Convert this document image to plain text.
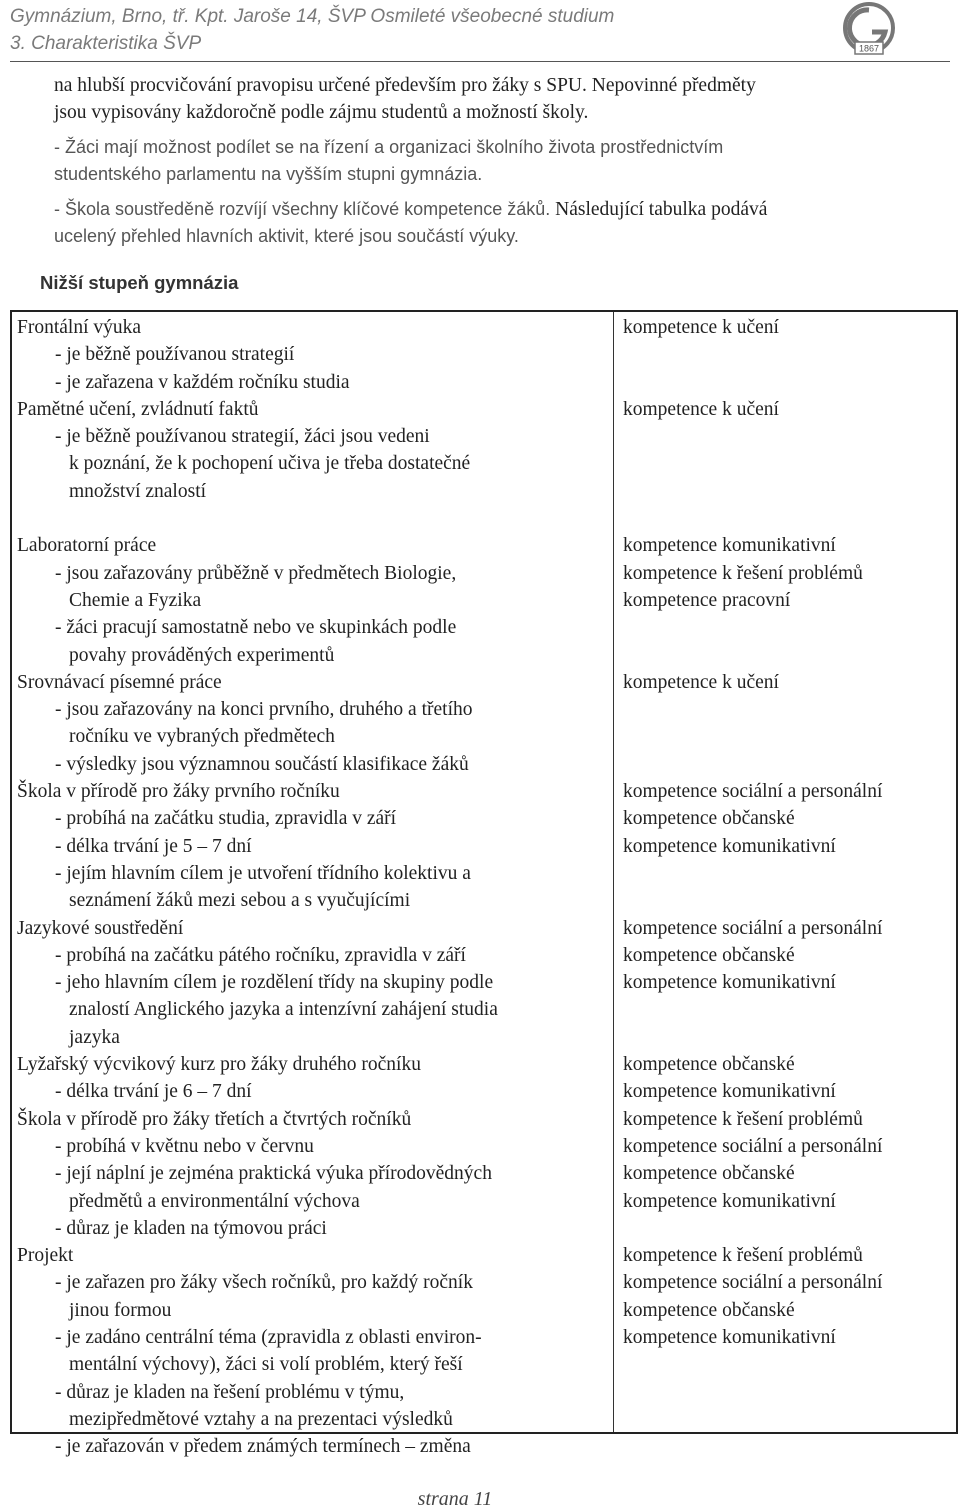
Gymnázium, Brno, tř. Kpt. Jaroše 14, ŠVP Osmileté všeobecné studium
3. Charakteristika ŠVP	1867

na hlubší procvičování pravopisu určené především pro žáky s SPU. Nepovinné předměty

jsou vypisovány každoročně podle zájmu studentů a možností školy.

- Žáci mají možnost podílet se na řízení a organizaci školního života prostřednictvím

studentského parlamentu na vyšším stupni gymnázia.

- Škola soustředěně rozvíjí všechny klíčové kompetence žáků. Následující tabulka podává

ucelený přehled hlavních aktivit, které jsou součástí výuky.

Nižší stupeň gymnázia
Frontální výuka
- je běžně používanou strategií
- je zařazena v každém ročníku studia
kompetence k učení
Pamětné učení, zvládnutí faktů
- je běžně používanou strategií, žáci jsou vedeni
k poznání, že k pochopení učiva je třeba dostatečné
množství znalostí
kompetence k učení
Laboratorní práce
- jsou zařazovány průběžně v předmětech Biologie,
Chemie a Fyzika
- žáci pracují samostatně nebo ve skupinkách podle
povahy prováděných experimentů
kompetence komunikativní
kompetence k řešení problémů
kompetence pracovní
Srovnávací písemné práce
- jsou zařazovány na konci prvního, druhého a třetího
ročníku ve vybraných předmětech
- výsledky jsou významnou součástí klasifikace žáků
kompetence k učení
Škola v přírodě pro žáky prvního ročníku
- probíhá na začátku studia, zpravidla v září
- délka trvání je 5 – 7 dní
- jejím hlavním cílem je utvoření třídního kolektivu a
seznámení žáků mezi sebou a s vyučujícími
kompetence sociální a personální
kompetence občanské
kompetence komunikativní
Jazykové soustředění
- probíhá na začátku pátého ročníku, zpravidla v září
- jeho hlavním cílem je rozdělení třídy na skupiny podle
znalostí Anglického jazyka a intenzívní zahájení studia
jazyka
kompetence sociální a personální
kompetence občanské
kompetence komunikativní
Lyžařský výcvikový kurz pro žáky druhého ročníku
- délka trvání je 6 – 7 dní
kompetence občanské
kompetence komunikativní
Škola v přírodě pro žáky třetích a čtvrtých ročníků
- probíhá v květnu nebo v červnu
- její náplní je zejména praktická výuka přírodovědných
předmětů a environmentální výchova
- důraz je kladen na týmovou práci
kompetence k řešení problémů
kompetence sociální a personální
kompetence občanské
kompetence komunikativní
Projekt
- je zařazen pro žáky všech ročníků, pro každý ročník
jinou formou
- je zadáno centrální téma (zpravidla z oblasti environ-
mentální výchovy), žáci si volí problém, který řeší
- důraz je kladen na řešení problému v týmu,
mezipředmětové vztahy a na prezentaci výsledků
- je zařazován v předem známých termínech – změna
kompetence k řešení problémů
kompetence sociální a personální
kompetence občanské
kompetence komunikativní
strana 11
